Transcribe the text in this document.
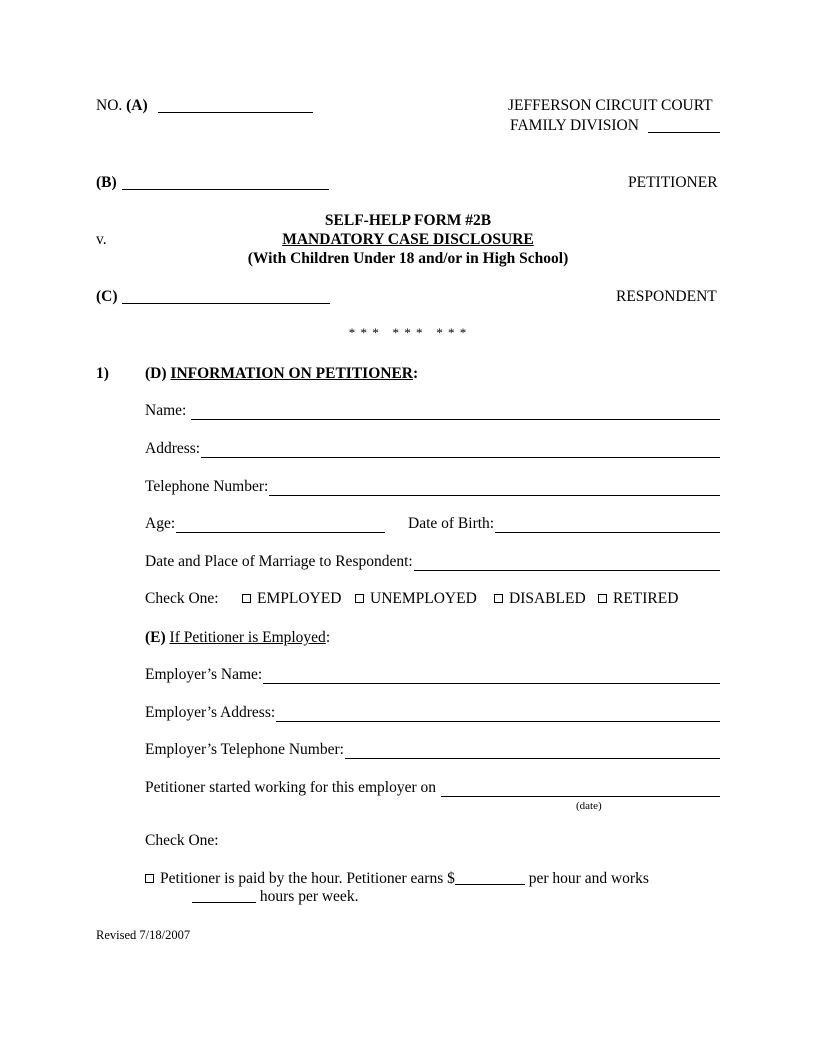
NO. (A)	JEFFERSON CIRCUIT COURT
FAMILY DIVISION
(B)	PETITIONER
SELF-HELP FORM #2B
MANDATORY CASE DISCLOSURE
v.
(With Children Under 18 and/or in High School)
(C)	RESPONDENT
* * *   * * *   * * *
1) (D) INFORMATION ON PETITIONER:
Name:

Address:
Telephone Number:
Age:	Date of Birth:
Date and Place of Marriage to Respondent:
Check One:	EMPLOYED	UNEMPLOYED	DISABLED	RETIRED
(E) If Petitioner is Employed:
Employer’s Name:
Employer’s Address:
Employer’s Telephone Number:
Petitioner started working for this employer on

(date)
Check One:
Petitioner is paid by the hour. Petitioner earns $	per hour and works
hours per week.
Revised 7/18/2007
